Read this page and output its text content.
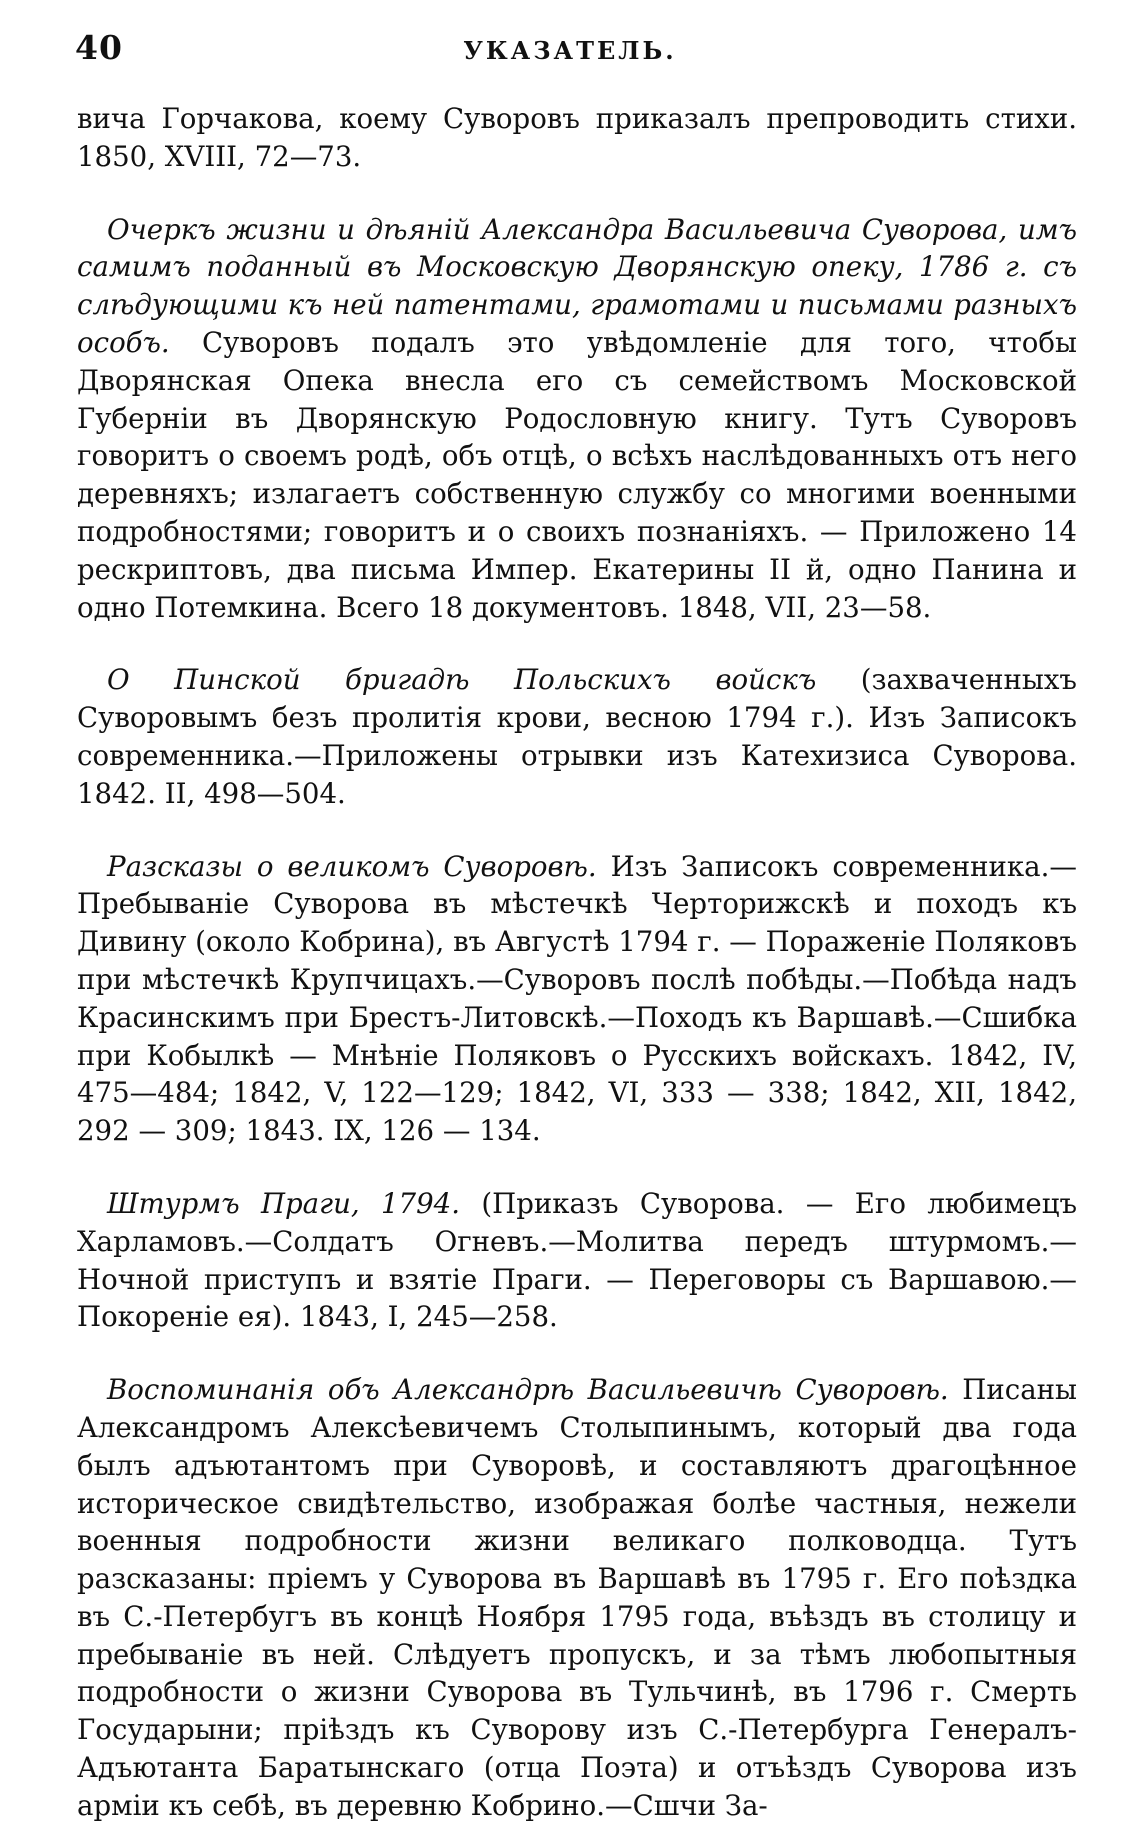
40	УКАЗАТЕЛЬ.

вича Горчакова, коему Суворовъ приказалъ препроводить стихи. 1850, XVIII, 72—73.

Очеркъ жизни и дѣяній Александра Васильевича Суворова, имъ самимъ поданный въ Московскую Дворянскую опеку, 1786 г. съ слѣдующими къ ней патентами, грамотами и письмами разныхъ особъ. Суворовъ подалъ это увѣдомленіе для того, чтобы Дворянская Опека внесла его съ семействомъ Московской Губерніи въ Дворянскую Родословную книгу. Тутъ Суворовъ говоритъ о своемъ родѣ, объ отцѣ, о всѣхъ наслѣдованныхъ отъ него деревняхъ; излагаетъ собственную службу со многими военными подробностями; говоритъ и о своихъ познаніяхъ. — Приложено 14 рескриптовъ, два письма Импер. Екатерины II й, одно Панина и одно Потемкина. Всего 18 документовъ. 1848, VII, 23—58.

О Пинской бригадѣ Польскихъ войскъ (захваченныхъ Суворовымъ безъ пролитія крови, весною 1794 г.). Изъ Записокъ современника.—Приложены отрывки изъ Катехизиса Суворова. 1842. II, 498—504.

Разсказы о великомъ Суворовѣ. Изъ Записокъ современника.—Пребываніе Суворова въ мѣстечкѣ Черторижскѣ и походъ къ Дивину (около Кобрина), въ Августѣ 1794 г. — Пораженіе Поляковъ при мѣстечкѣ Крупчицахъ.—Суворовъ послѣ побѣды.—Побѣда надъ Красинскимъ при Брестъ-Литовскѣ.—Походъ къ Варшавѣ.—Сшибка при Кобылкѣ — Мнѣніе Поляковъ о Русскихъ войскахъ. 1842, IV, 475—484; 1842, V, 122—129; 1842, VI, 333 — 338; 1842, XII, 1842, 292 — 309; 1843. IX, 126 — 134.

Штурмъ Праги, 1794. (Приказъ Суворова. — Его любимецъ Харламовъ.—Солдатъ Огневъ.—Молитва передъ штурмомъ.—Ночной приступъ и взятіе Праги. — Переговоры съ Варшавою.—Покореніе ея). 1843, I, 245—258.

Воспоминанія объ Александрѣ Васильевичѣ Суворовѣ. Писаны Александромъ Алексѣевичемъ Столыпинымъ, который два года былъ адъютантомъ при Суворовѣ, и составляютъ драгоцѣнное историческое свидѣтельство, изображая болѣе частныя, нежели военныя подробности жизни великаго полководца. Тутъ разсказаны: пріемъ у Суворова въ Варшавѣ въ 1795 г. Его поѣздка въ С.-Петербугъ въ концѣ Ноября 1795 года, въѣздъ въ столицу и пребываніе въ ней. Слѣдуетъ пропускъ, и за тѣмъ любопытныя подробности о жизни Суворова въ Тульчинѣ, въ 1796 г. Смерть Государыни; пріѣздъ къ Суворову изъ С.-Петербурга Генералъ-Адъютанта Баратынскаго (отца Поэта) и отъѣздъ Суворова изъ арміи къ себѣ, въ деревню Кобрино.—Сшчи За-
